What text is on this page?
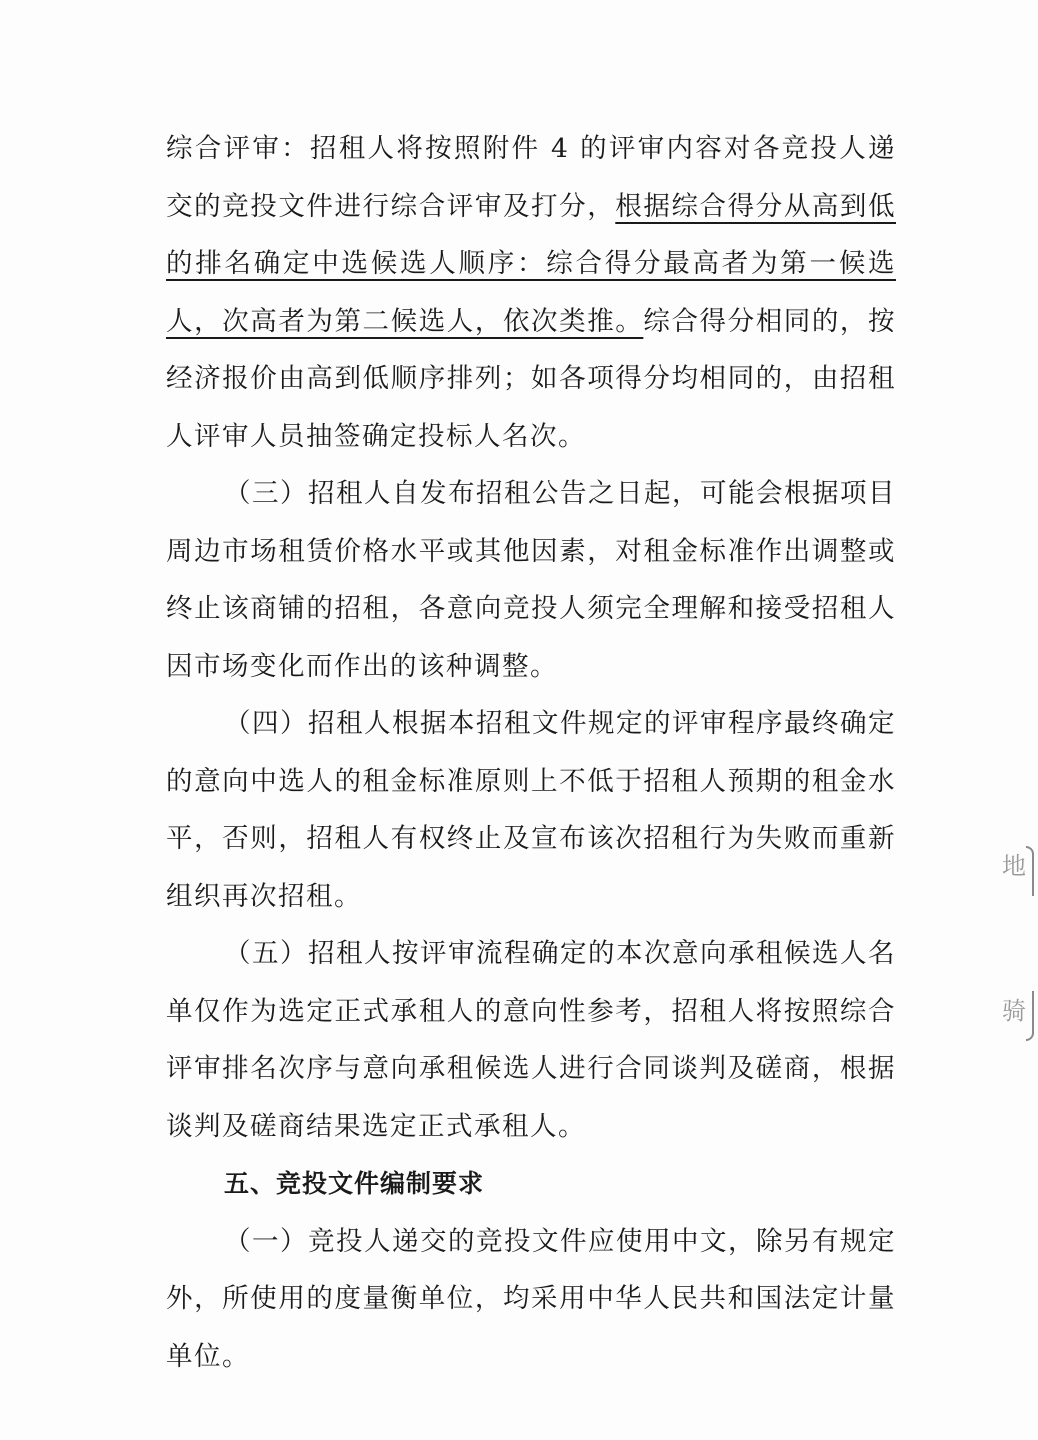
综合评审：招租人将按照附件 4 的评审内容对各竞投人递交的竞投文件进行综合评审及打分，根据综合得分从高到低的排名确定中选候选人顺序：综合得分最高者为第一候选人，次高者为第二候选人，依次类推。综合得分相同的，按经济报价由高到低顺序排列；如各项得分均相同的，由招租人评审人员抽签确定投标人名次。

（三）招租人自发布招租公告之日起，可能会根据项目周边市场租赁价格水平或其他因素，对租金标准作出调整或终止该商铺的招租，各意向竞投人须完全理解和接受招租人因市场变化而作出的该种调整。

（四）招租人根据本招租文件规定的评审程序最终确定的意向中选人的租金标准原则上不低于招租人预期的租金水平，否则，招租人有权终止及宣布该次招租行为失败而重新组织再次招租。

（五）招租人按评审流程确定的本次意向承租候选人名单仅作为选定正式承租人的意向性参考，招租人将按照综合评审排名次序与意向承租候选人进行合同谈判及磋商，根据谈判及磋商结果选定正式承租人。

五、竞投文件编制要求

（一）竞投人递交的竞投文件应使用中文，除另有规定外，所使用的度量衡单位，均采用中华人民共和国法定计量单位。

地
骑
